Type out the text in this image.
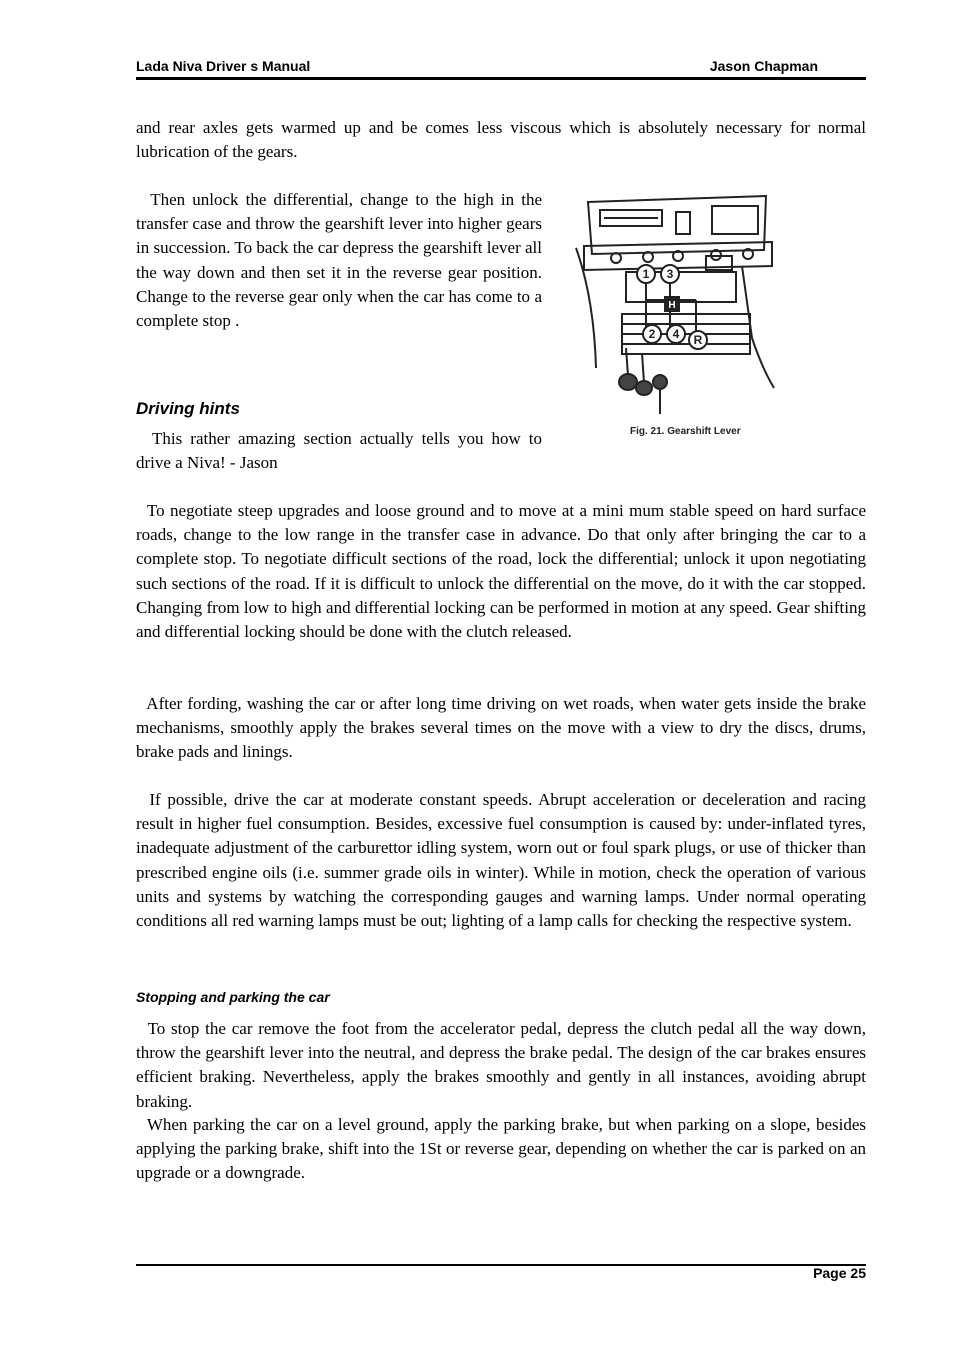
Lada Niva Driver s Manual	Jason Chapman

and rear axles gets warmed up and be comes less viscous which is absolutely necessary for normal lubrication of the gears.

Then unlock the differential, change to the high in the transfer case and throw the gearshift lever into higher gears in succession. To back the car depress the gearshift lever all the way down and then set it in the reverse gear position. Change to the reverse gear only when the car has come to a complete stop .

1 3
2 4 R
H
Fig. 21. Gearshift Lever
Driving hints

This rather amazing section actually tells you how to drive a Niva! - Jason

To negotiate steep upgrades and loose ground and to move at a mini mum stable speed on hard surface roads, change to the low range in the transfer case in advance. Do that only after bringing the car to a complete stop. To negotiate difficult sections of the road, lock the differential; unlock it upon negotiating such sections of the road. If it is difficult to unlock the differential on the move, do it with the car stopped. Changing from low to high and differential locking can be performed in motion at any speed. Gear shifting and differential locking should be done with the clutch released.

After fording, washing the car or after long time driving on wet roads, when water gets inside the brake mechanisms, smoothly apply the brakes several times on the move with a view to dry the discs, drums, brake pads and linings.

If possible, drive the car at moderate constant speeds. Abrupt acceleration or deceleration and racing result in higher fuel consumption. Besides, excessive fuel consumption is caused by: under-inflated tyres, inadequate adjustment of the carburettor idling system, worn out or foul spark plugs, or use of thicker than prescribed engine oils (i.e. summer grade oils in winter). While in motion, check the operation of various units and systems by watching the corresponding gauges and warning lamps. Under normal operating conditions all red warning lamps must be out; lighting of a lamp calls for checking the respective system.

Stopping and parking the car

To stop the car remove the foot from the accelerator pedal, depress the clutch pedal all the way down, throw the gearshift lever into the neutral, and depress the brake pedal. The design of the car brakes ensures efficient braking. Nevertheless, apply the brakes smoothly and gently in all instances, avoiding abrupt braking.

When parking the car on a level ground, apply the parking brake, but when parking on a slope, besides applying the parking brake, shift into the 1St or reverse gear, depending on whether the car is parked on an upgrade or a downgrade.

Page 25
